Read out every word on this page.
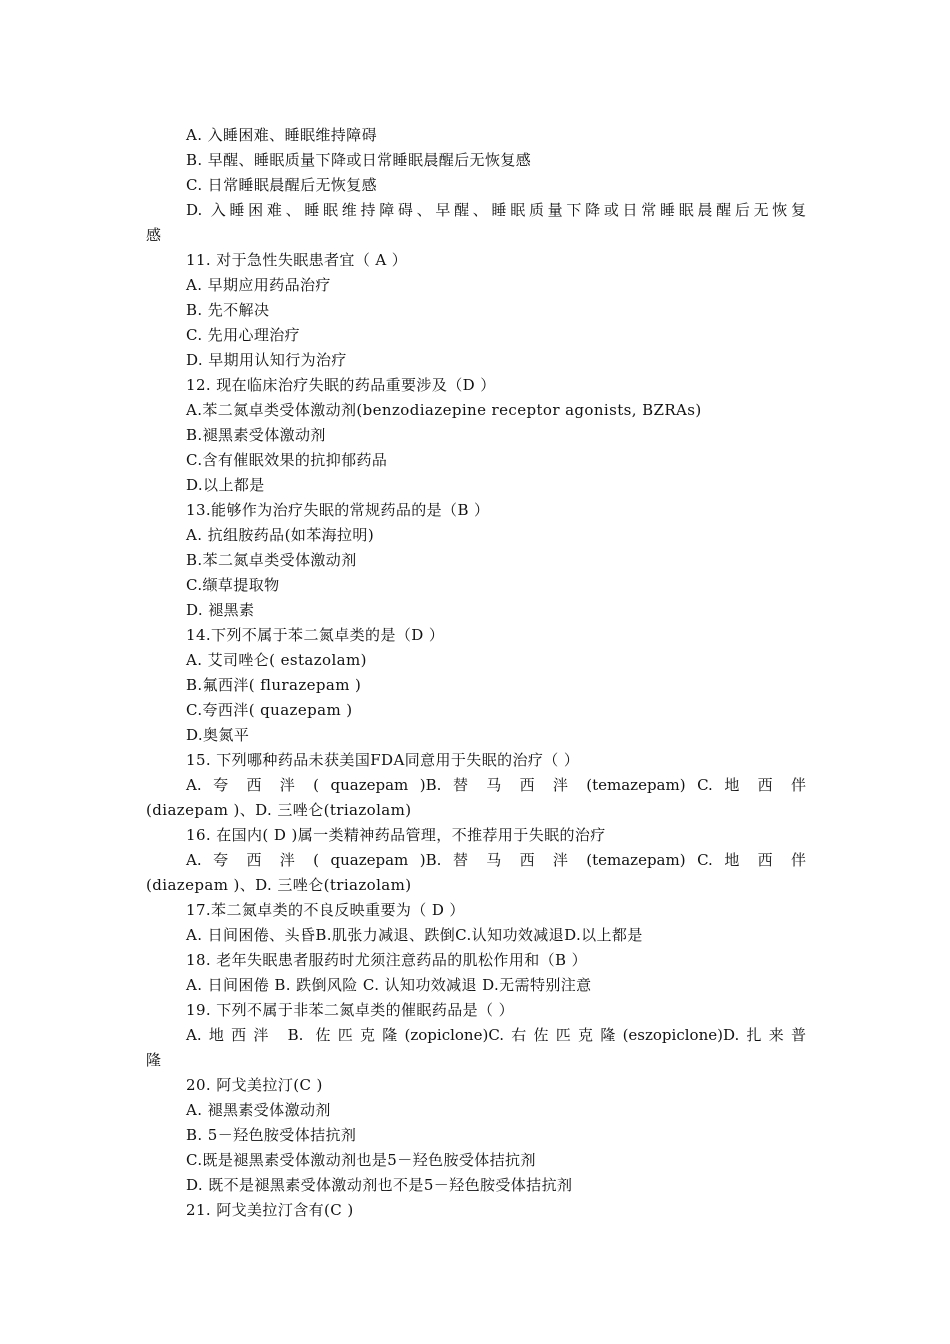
A. 入睡困难、睡眠维持障碍
B. 早醒、睡眠质量下降或日常睡眠晨醒后无恢复感
C. 日常睡眠晨醒后无恢复感
D. 入睡困难、睡眠维持障碍、早醒、睡眠质量下降或日常睡眠晨醒后无恢复
感
11. 对于急性失眠患者宜（ A ）
A. 早期应用药品治疗
B. 先不解决
C. 先用心理治疗
D. 早期用认知行为治疗
12. 现在临床治疗失眠的药品重要涉及（D ）
A.苯二氮卓类受体激动剂(benzodiazepine receptor agonists, BZRAs)
B.褪黑素受体激动剂
C.含有催眠效果的抗抑郁药品
D.以上都是
13.能够作为治疗失眠的常规药品的是（B ）
A. 抗组胺药品(如苯海拉明)
B.苯二氮卓类受体激动剂
C.缬草提取物
D. 褪黑素
14.下列不属于苯二氮卓类的是（D ）
A. 艾司唑仑( estazolam)
B.氟西泮( flurazepam )
C.夸西泮( quazepam )
D.奥氮平
15. 下列哪种药品未获美国FDA同意用于失眠的治疗（ ）
A. 夸 西 泮 ( quazepam )B. 替 马 西 泮 (temazepam) C. 地 西 伴
(diazepam )、D. 三唑仑(triazolam)
16. 在国内( D )属一类精神药品管理，不推荐用于失眠的治疗
A. 夸 西 泮 ( quazepam )B. 替 马 西 泮 (temazepam) C. 地 西 伴
(diazepam )、D. 三唑仑(triazolam)
17.苯二氮卓类的不良反映重要为（ D ）
A. 日间困倦、头昏B.肌张力减退、跌倒C.认知功效减退D.以上都是
18. 老年失眠患者服药时尤须注意药品的肌松作用和（B ）
A. 日间困倦 B. 跌倒风险 C. 认知功效减退 D.无需特别注意
19. 下列不属于非苯二氮卓类的催眠药品是（ ）
A.地西泮 B. 佐匹克隆(zopiclone)C.右佐匹克隆(eszopiclone)D.扎来普
隆
20. 阿戈美拉汀(C )
A. 褪黑素受体激动剂
B. 5－羟色胺受体拮抗剂
C.既是褪黑素受体激动剂也是5－羟色胺受体拮抗剂
D. 既不是褪黑素受体激动剂也不是5－羟色胺受体拮抗剂
21. 阿戈美拉汀含有(C )
